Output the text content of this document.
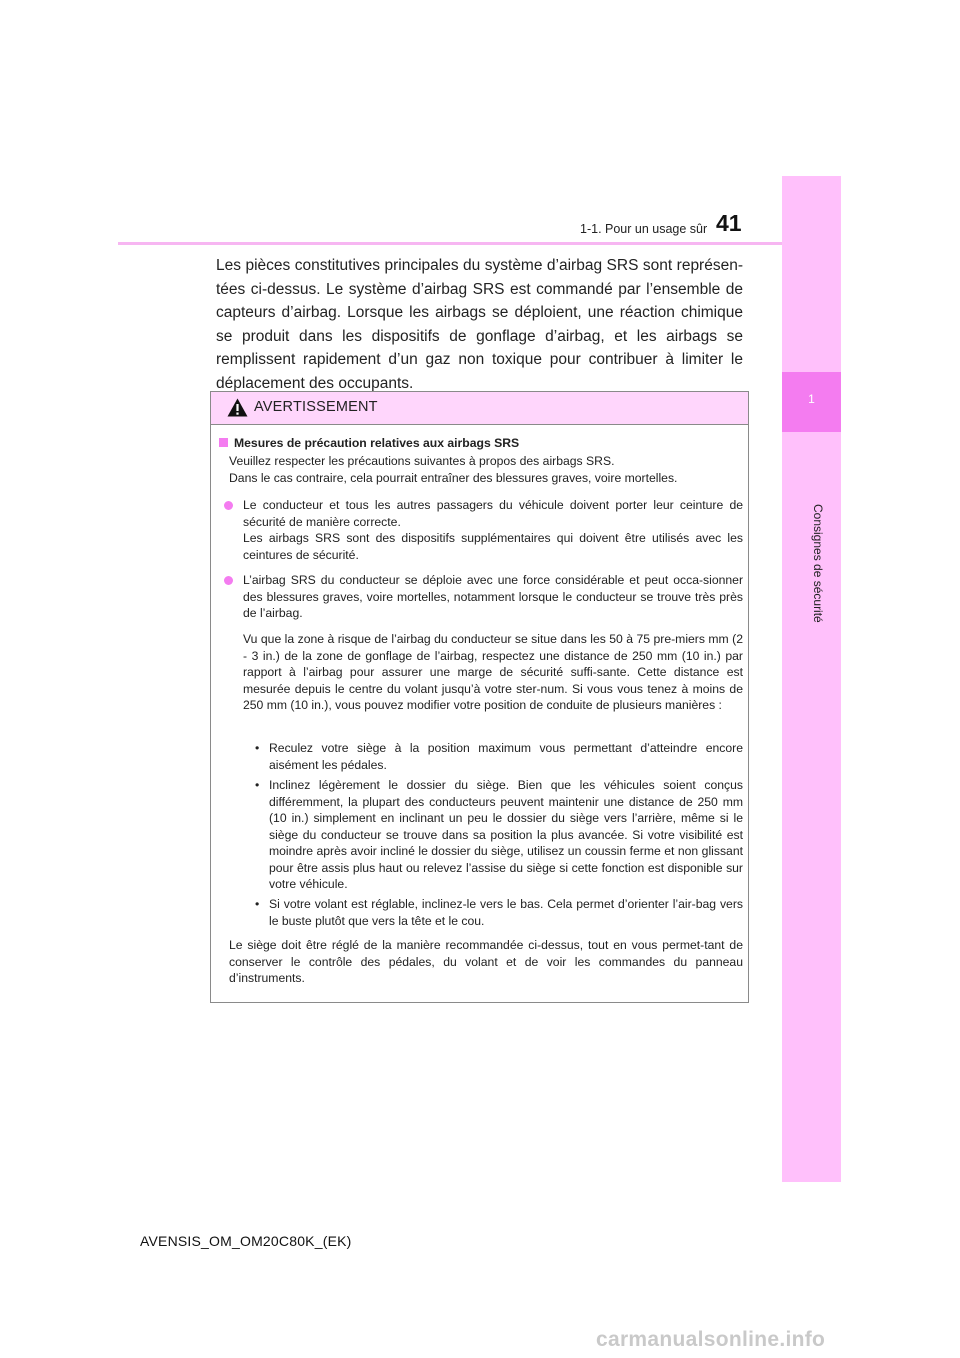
1-1. Pour un usage sûr 41
1
Consignes de sécurité
Les pièces constitutives principales du système d’airbag SRS sont représen-tées ci-dessus. Le système d’airbag SRS est commandé par l’ensemble de capteurs d’airbag. Lorsque les airbags se déploient, une réaction chimique se produit dans les dispositifs de gonflage d’airbag, et les airbags se remplissent rapidement d’un gaz non toxique pour contribuer à limiter le déplacement des occupants.
AVERTISSEMENT
Mesures de précaution relatives aux airbags SRS

Veuillez respecter les précautions suivantes à propos des airbags SRS.

Dans le cas contraire, cela pourrait entraîner des blessures graves, voire mortelles.

Le conducteur et tous les autres passagers du véhicule doivent porter leur ceinture de sécurité de manière correcte.

Les airbags SRS sont des dispositifs supplémentaires qui doivent être utilisés avec les ceintures de sécurité.

L’airbag SRS du conducteur se déploie avec une force considérable et peut occa-sionner des blessures graves, voire mortelles, notamment lorsque le conducteur se trouve très près de l’airbag.

Vu que la zone à risque de l’airbag du conducteur se situe dans les 50 à 75 pre-miers mm (2 - 3 in.) de la zone de gonflage de l’airbag, respectez une distance de 250 mm (10 in.) par rapport à l’airbag pour assurer une marge de sécurité suffi-sante. Cette distance est mesurée depuis le centre du volant jusqu’à votre ster-num. Si vous vous tenez à moins de 250 mm (10 in.), vous pouvez modifier votre position de conduite de plusieurs manières :
• Reculez votre siège à la position maximum vous permettant d’atteindre encore aisément les pédales.
• Inclinez légèrement le dossier du siège. Bien que les véhicules soient conçus différemment, la plupart des conducteurs peuvent maintenir une distance de 250 mm (10 in.) simplement en inclinant un peu le dossier du siège vers l’arrière, même si le siège du conducteur se trouve dans sa position la plus avancée. Si votre visibilité est moindre après avoir incliné le dossier du siège, utilisez un coussin ferme et non glissant pour être assis plus haut ou relevez l’assise du siège si cette fonction est disponible sur votre véhicule.
• Si votre volant est réglable, inclinez-le vers le bas. Cela permet d’orienter l’air-bag vers le buste plutôt que vers la tête et le cou.
Le siège doit être réglé de la manière recommandée ci-dessus, tout en vous permet-tant de conserver le contrôle des pédales, du volant et de voir les commandes du panneau d’instruments.
AVENSIS_OM_OM20C80K_(EK)
carmanualsonline.info
